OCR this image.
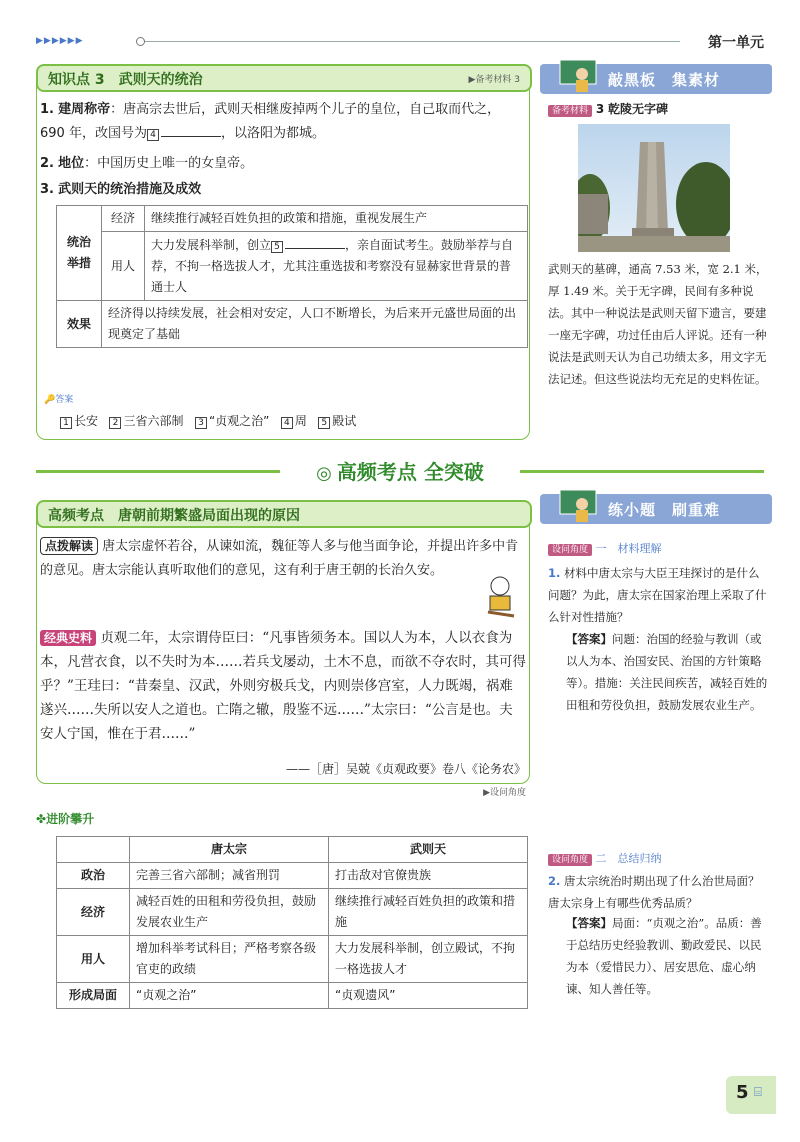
▶▶▶▶▶▶	第一单元
知识点 3　武则天的统治	▶备考材料 3
1. 建周称帝：唐高宗去世后，武则天相继废掉两个儿子的皇位，自己取而代之，690 年，改国号为 4	，以洛阳为都城。
2. 地位：中国历史上唯一的女皇帝。
3. 武则天的统治措施及成效
统治举措	经济	继续推行减轻百姓负担的政策和措施，重视发展生产
	用人	大力发展科举制，创立 5 ，亲自面试考生。鼓励举荐与自荐，不拘一格选拔人才，尤其注重选拔和考察没有显赫家世背景的普通士人
效果	经济得以持续发展，社会相对安定，人口不断增长，为后来开元盛世局面的出现奠定了基础	
🔑答案
1 长安 2 三省六部制 3 “贞观之治” 4 周 5 殿试
敲黑板　集素材
备考材料 3 乾陵无字碑
武则天的墓碑，通高 7.53 米，宽 2.1 米，厚 1.49 米。关于无字碑，民间有多种说法。其中一种说法是武则天留下遗言，要建一座无字碑，功过任由后人评说。还有一种说法是武则天认为自己功绩太多，用文字无法记述。但这些说法均无充足的史料佐证。
◎ 高频考点 全突破
高频考点　唐朝前期繁盛局面出现的原因
点拨解读 唐太宗虚怀若谷，从谏如流，魏征等人多与他当面争论，并提出许多中肯的意见。唐太宗能认真听取他们的意见，这有利于唐王朝的长治久安。
经典史料 贞观二年，太宗谓侍臣曰：“凡事皆须务本。国以人为本，人以衣食为本，凡营衣食，以不失时为本……若兵戈屡动，土木不息，而欲不夺农时，其可得乎？”王珪曰：“昔秦皇、汉武，外则穷极兵戈，内则崇侈宫室，人力既竭，祸难遂兴……失所以安人之道也。亡隋之辙，殷鉴不远……”太宗曰：“公言是也。夫安人宁国，惟在于君……”
——［唐］吴兢《贞观政要》卷八《论务农》
▶设问角度
✤进阶攀升
	唐太宗	武则天
政治	完善三省六部制；减省刑罚	打击敌对官僚贵族
经济	减轻百姓的田租和劳役负担，鼓励发展农业生产	继续推行减轻百姓负担的政策和措施
用人	增加科举考试科目；严格考察各级官吏的政绩	大力发展科举制，创立殿试，不拘一格选拔人才
形成局面	“贞观之治”	“贞观遗风”
练小题　刷重难
设问角度 一　材料理解
1. 材料中唐太宗与大臣王珪探讨的是什么问题？为此，唐太宗在国家治理上采取了什么针对性措施？
【答案】问题：治国的经验与教训（或以人为本、治国安民、治国的方针策略等）。措施：关注民间疾苦，减轻百姓的田租和劳役负担，鼓励发展农业生产。
设问角度 二　总结归纳
2. 唐太宗统治时期出现了什么治世局面？唐太宗身上有哪些优秀品质？
【答案】局面：“贞观之治”。品质：善于总结历史经验教训、勤政爱民、以民为本（爱惜民力）、居安思危、虚心纳谏、知人善任等。
5 ⌸
